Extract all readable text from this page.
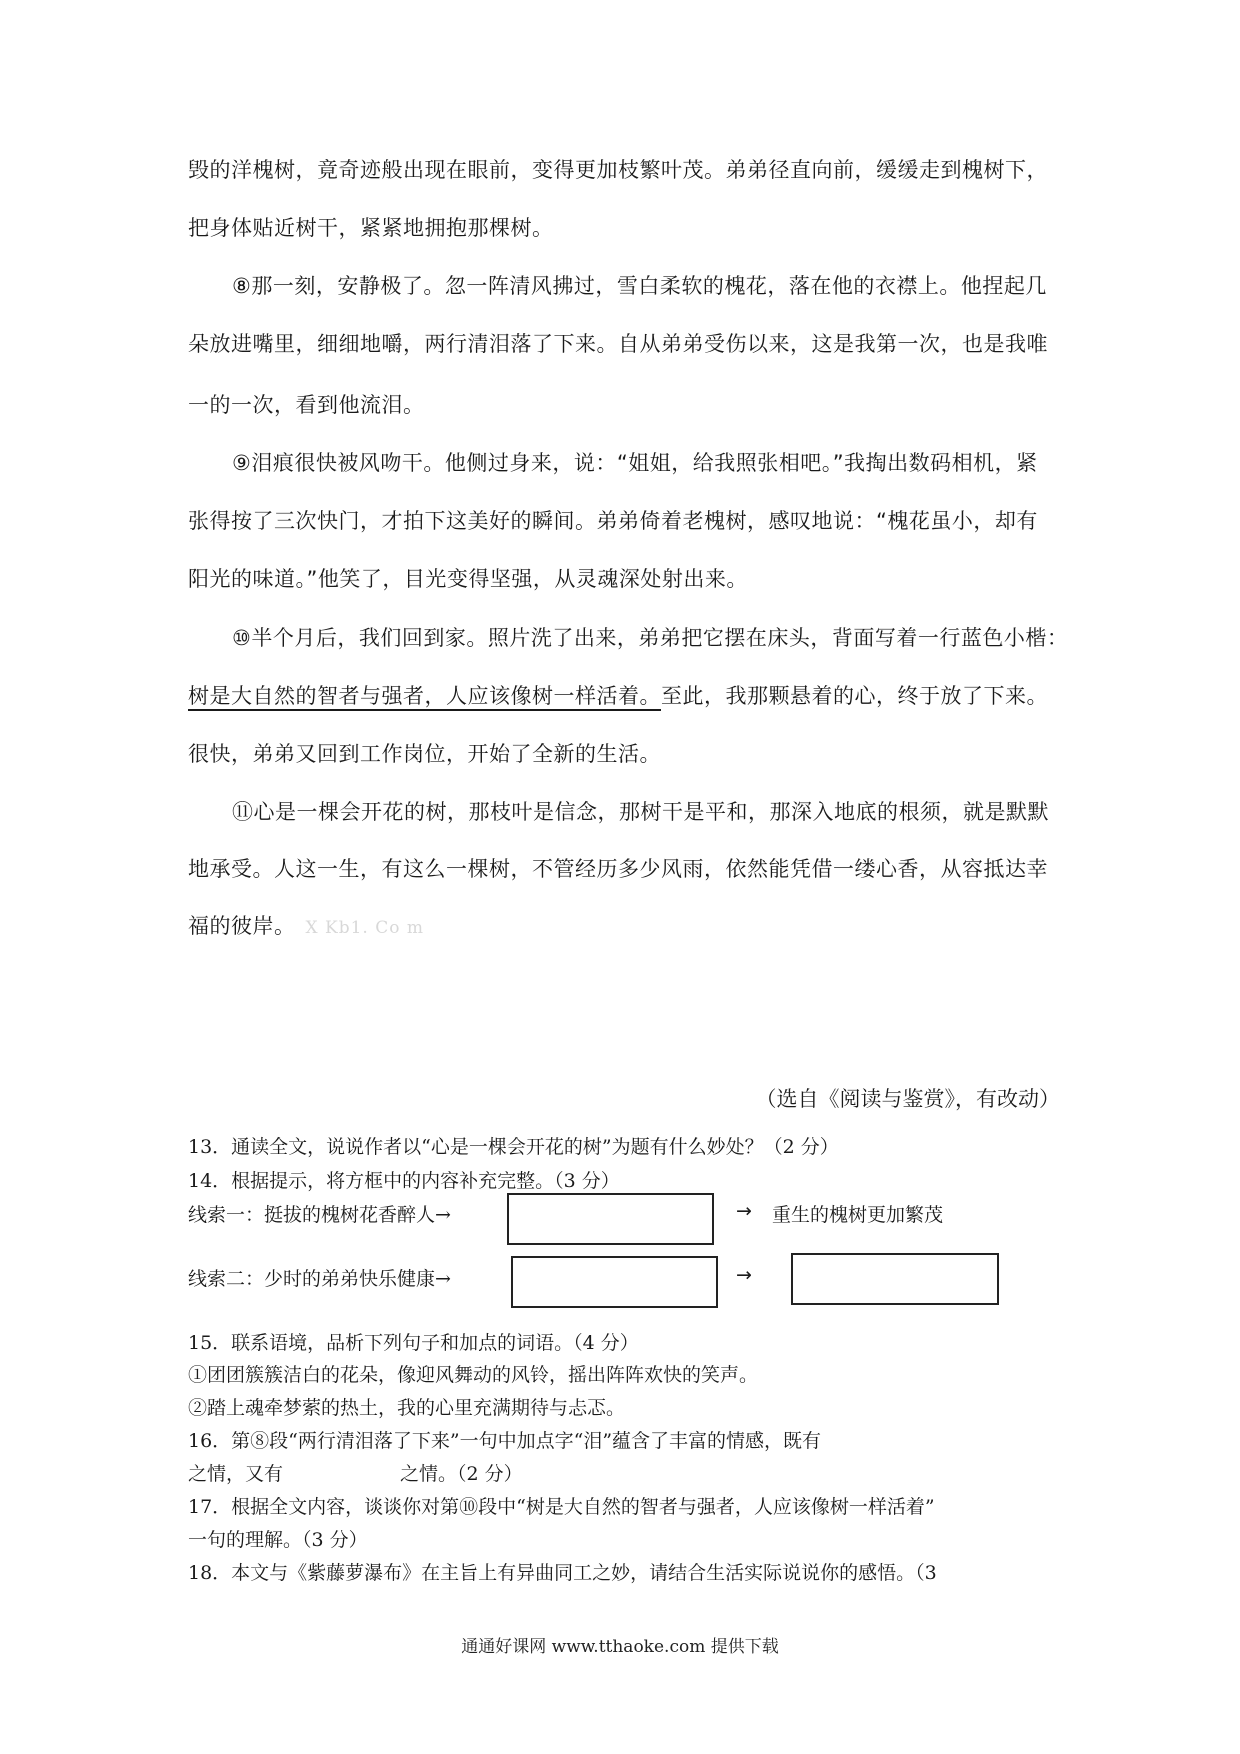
毁的洋槐树，竟奇迹般出现在眼前，变得更加枝繁叶茂。弟弟径直向前，缓缓走到槐树下，
把身体贴近树干，紧紧地拥抱那棵树。
⑧那一刻，安静极了。忽一阵清风拂过，雪白柔软的槐花，落在他的衣襟上。他捏起几
朵放进嘴里，细细地嚼，两行清泪落了下来。自从弟弟受伤以来，这是我第一次，也是我唯
一的一次，看到他流泪。
⑨泪痕很快被风吻干。他侧过身来，说：“姐姐，给我照张相吧。”我掏出数码相机，紧
张得按了三次快门，才拍下这美好的瞬间。弟弟倚着老槐树，感叹地说：“槐花虽小，却有
阳光的味道。”他笑了，目光变得坚强，从灵魂深处射出来。
⑩半个月后，我们回到家。照片洗了出来，弟弟把它摆在床头，背面写着一行蓝色小楷：
树是大自然的智者与强者，人应该像树一样活着。至此，我那颗悬着的心，终于放了下来。
很快，弟弟又回到工作岗位，开始了全新的生活。
⑪心是一棵会开花的树，那枝叶是信念，那树干是平和，那深入地底的根须，就是默默
地承受。人这一生，有这么一棵树，不管经历多少风雨，依然能凭借一缕心香，从容抵达幸
福的彼岸。 X Kb1. Co m
（选自《阅读与鉴赏》，有改动）
13．通读全文，说说作者以“心是一棵会开花的树”为题有什么妙处？（2 分）
14．根据提示，将方框中的内容补充完整。（3 分）
线索一：挺拔的槐树花香醉人→	→ 重生的槐树更加繁茂
线索二：少时的弟弟快乐健康→	→
15．联系语境，品析下列句子和加点的词语。（4 分）
①团团簇簇洁白的花朵，像迎风舞动的风铃，摇出阵阵欢快的笑声。
②踏上魂牵梦萦的热土，我的心里充满期待与忐忑。
16．第⑧段“两行清泪落了下来”一句中加点字“泪”蕴含了丰富的情感，既有
之情，又有	之情。（2 分）
17．根据全文内容，谈谈你对第⑩段中“树是大自然的智者与强者，人应该像树一样活着”
一句的理解。（3 分）
18．本文与《紫藤萝瀑布》在主旨上有异曲同工之妙，请结合生活实际说说你的感悟。（3
通通好课网 www.tthaoke.com 提供下载
